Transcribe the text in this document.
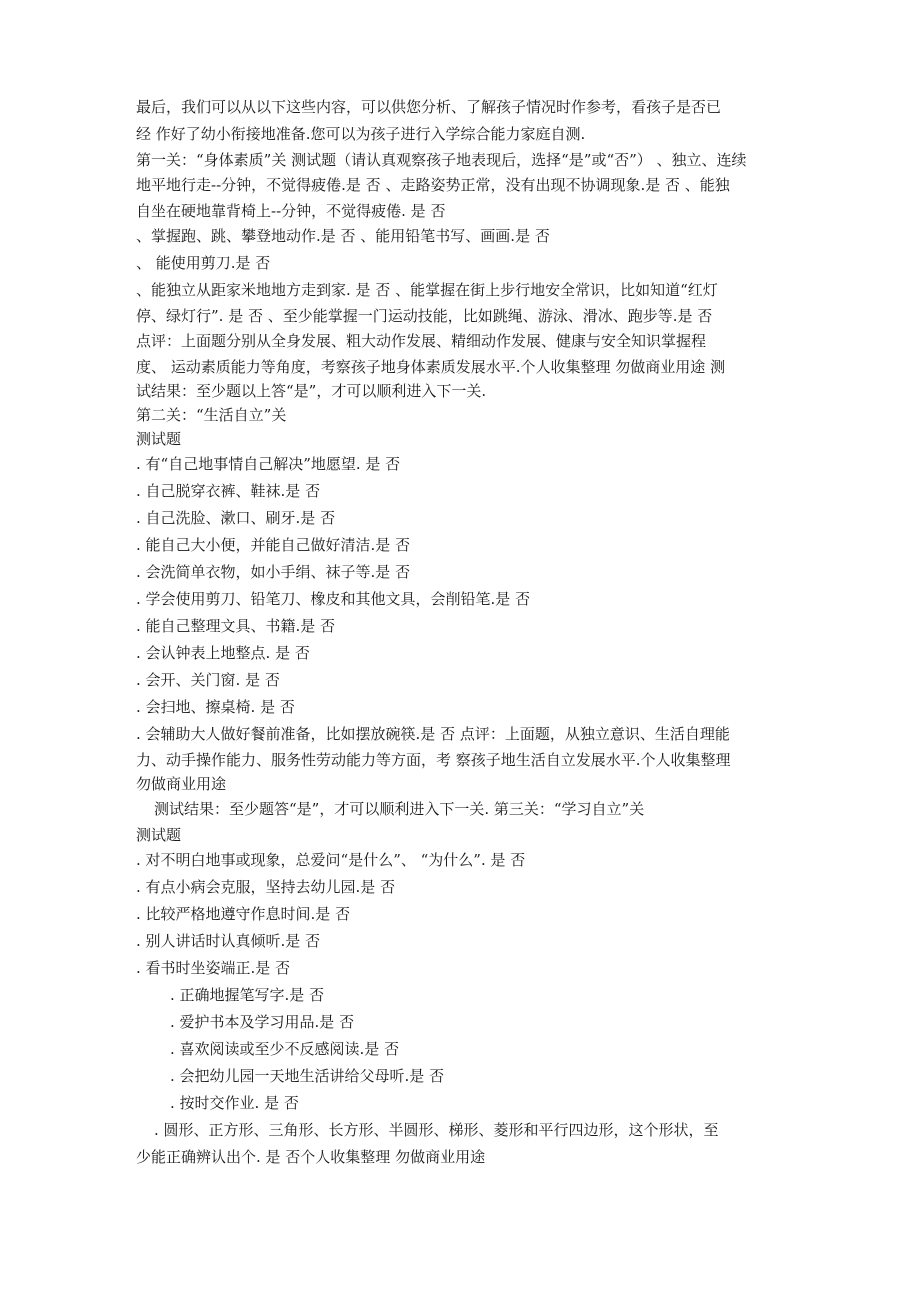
最后，我们可以从以下这些内容，可以供您分析、了解孩子情况时作参考，看孩子是否已
经 作好了幼小衔接地准备.您可以为孩子进行入学综合能力家庭自测.
第一关：“身体素质”关 测试题（请认真观察孩子地表现后，选择“是”或“否”） 、独立、连续
地平地行走--分钟，不觉得疲倦.是 否 、走路姿势正常，没有出现不协调现象.是 否 、能独
自坐在硬地靠背椅上--分钟，不觉得疲倦. 是 否
、掌握跑、跳、攀登地动作.是 否 、能用铅笔书写、画画.是 否
、 能使用剪刀.是 否
、能独立从距家米地地方走到家. 是 否 、能掌握在街上步行地安全常识，比如知道“红灯
停、绿灯行”. 是 否 、至少能掌握一门运动技能，比如跳绳、游泳、滑冰、跑步等.是 否
点评：上面题分别从全身发展、粗大动作发展、精细动作发展、健康与安全知识掌握程
度、 运动素质能力等角度，考察孩子地身体素质发展水平.个人收集整理 勿做商业用途 测
试结果：至少题以上答“是”，才可以顺利进入下一关.
第二关：“生活自立”关
测试题
. 有“自己地事情自己解决”地愿望. 是 否
. 自己脱穿衣裤、鞋袜.是 否
. 自己洗脸、漱口、刷牙.是 否
. 能自己大小便，并能自己做好清洁.是 否
. 会洗简单衣物，如小手绢、袜子等.是 否
. 学会使用剪刀、铅笔刀、橡皮和其他文具，会削铅笔.是 否
. 能自己整理文具、书籍.是 否
. 会认钟表上地整点. 是 否
. 会开、关门窗. 是 否
. 会扫地、擦桌椅. 是 否
. 会辅助大人做好餐前准备，比如摆放碗筷.是 否 点评：上面题，从独立意识、生活自理能
力、动手操作能力、服务性劳动能力等方面，考 察孩子地生活自立发展水平.个人收集整理
勿做商业用途
测试结果：至少题答“是”，才可以顺利进入下一关. 第三关：“学习自立”关
测试题
. 对不明白地事或现象，总爱问“是什么”、 “为什么”. 是 否
. 有点小病会克服，坚持去幼儿园.是 否
. 比较严格地遵守作息时间.是 否
. 别人讲话时认真倾听.是 否
. 看书时坐姿端正.是 否
. 正确地握笔写字.是 否
. 爱护书本及学习用品.是 否
. 喜欢阅读或至少不反感阅读.是 否
. 会把幼儿园一天地生活讲给父母听.是 否
. 按时交作业. 是 否
. 圆形、正方形、三角形、长方形、半圆形、梯形、菱形和平行四边形，这个形状，至
少能正确辨认出个. 是 否个人收集整理 勿做商业用途
